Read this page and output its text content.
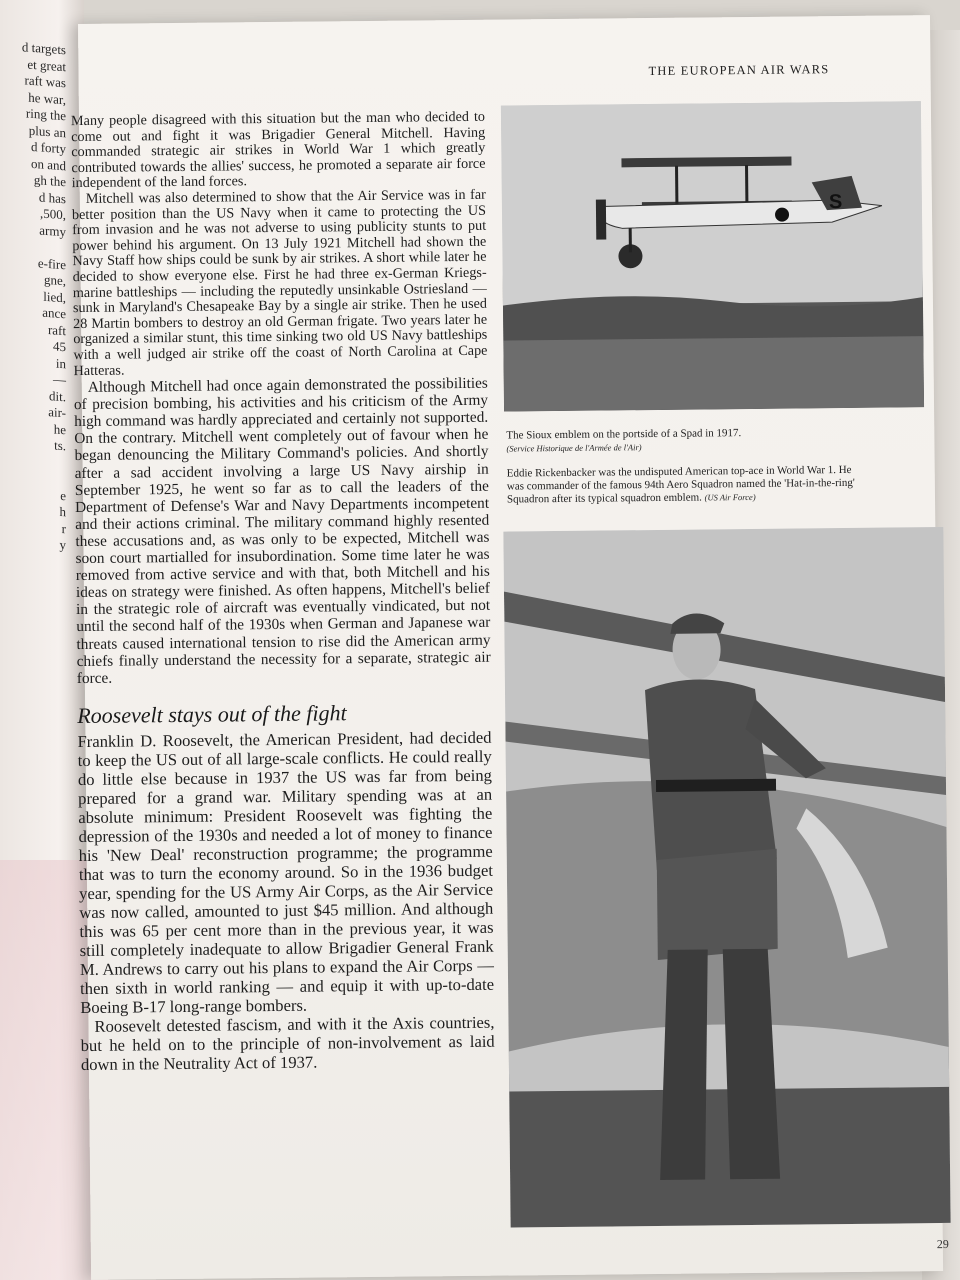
d targets
et great
raft was
he war,
ring the
plus an
d forty
on and
gh the
d has
,500,
army
e-fire
gne,
lied,
ance
raft
45
in
—
dit.
air-
he
ts.
e
h
r
y
THE EUROPEAN AIR WARS

Many people disagreed with this situation but the man who decided to come out and fight it was Brigadier General Mitchell. Having commanded strategic air strikes in World War 1 which greatly contributed towards the allies' success, he promoted a separate air force independent of the land forces.

Mitchell was also determined to show that the Air Service was in far better position than the US Navy when it came to protecting the US from invasion and he was not adverse to using publicity stunts to put power behind his argument. On 13 July 1921 Mitchell had shown the Navy Staff how ships could be sunk by air strikes. A short while later he decided to show everyone else. First he had three ex-German Kriegs-marine battleships — including the reputedly unsinkable Ostriesland — sunk in Maryland's Chesapeake Bay by a single air strike. Then he used 28 Martin bombers to destroy an old German frigate. Two years later he organized a similar stunt, this time sinking two old US Navy battleships with a well judged air strike off the coast of North Carolina at Cape Hatteras.

Although Mitchell had once again demonstrated the possibilities of precision bombing, his activities and his criticism of the Army high command was hardly appreciated and certainly not supported. On the contrary. Mitchell went completely out of favour when he began denouncing the Military Command's policies. And shortly after a sad accident involving a large US Navy airship in September 1925, he went so far as to call the leaders of the Department of Defense's War and Navy Departments incompetent and their actions criminal. The military command highly resented these accusations and, as was only to be expected, Mitchell was soon court martialled for insubordination. Some time later he was removed from active service and with that, both Mitchell and his ideas on strategy were finished. As often happens, Mitchell's belief in the strategic role of aircraft was eventually vindicated, but not until the second half of the 1930s when German and Japanese war threats caused international tension to rise did the American army chiefs finally understand the necessity for a separate, strategic air force.

Roosevelt stays out of the fight

Franklin D. Roosevelt, the American President, had decided to keep the US out of all large-scale conflicts. He could really do little else because in 1937 the US was far from being prepared for a grand war. Military spending was at an absolute minimum: President Roosevelt was fighting the depression of the 1930s and needed a lot of money to finance his 'New Deal' reconstruction programme; the programme that was to turn the economy around. So in the 1936 budget year, spending for the US Army Air Corps, as the Air Service was now called, amounted to just $45 million. And although this was 65 per cent more than in the previous year, it was still completely inadequate to allow Brigadier General Frank M. Andrews to carry out his plans to expand the Air Corps — then sixth in world ranking — and equip it with up-to-date Boeing B-17 long-range bombers.

Roosevelt detested fascism, and with it the Axis countries, but he held on to the principle of non-involvement as laid down in the Neutrality Act of 1937.

S
The Sioux emblem on the portside of a Spad in 1917.
(Service Historique de l'Armée de l'Air)
Eddie Rickenbacker was the undisputed American top-ace in World War 1. He was commander of the famous 94th Aero Squadron named the 'Hat-in-the-ring' Squadron after its typical squadron emblem. (US Air Force)
29
